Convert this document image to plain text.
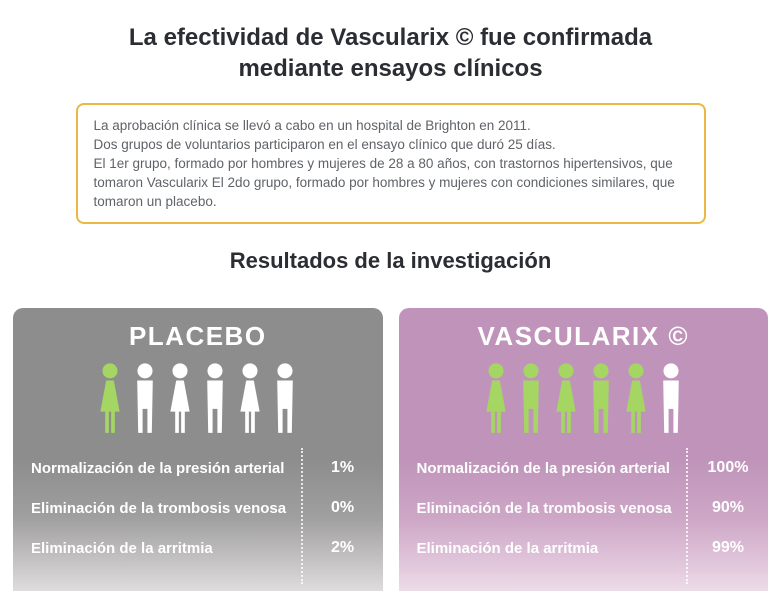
La efectividad de Vascularix © fue confirmada mediante ensayos clínicos

La aprobación clínica se llevó a cabo en un hospital de Brighton en 2011.

Dos grupos de voluntarios participaron en el ensayo clínico que duró 25 días.

El 1er grupo, formado por hombres y mujeres de 28 a 80 años, con trastornos hipertensivos, que tomaron Vascularix El 2do grupo, formado por hombres y mujeres con condiciones similares, que tomaron un placebo.

Resultados de la investigación
PLACEBO
Normalización de la presión arterial
Eliminación de la trombosis venosa
Eliminación de la arritmia
1%
0%
2%
VASCULARIX ©
Normalización de la presión arterial
Eliminación de la trombosis venosa
Eliminación de la arritmia
100%
90%
99%
